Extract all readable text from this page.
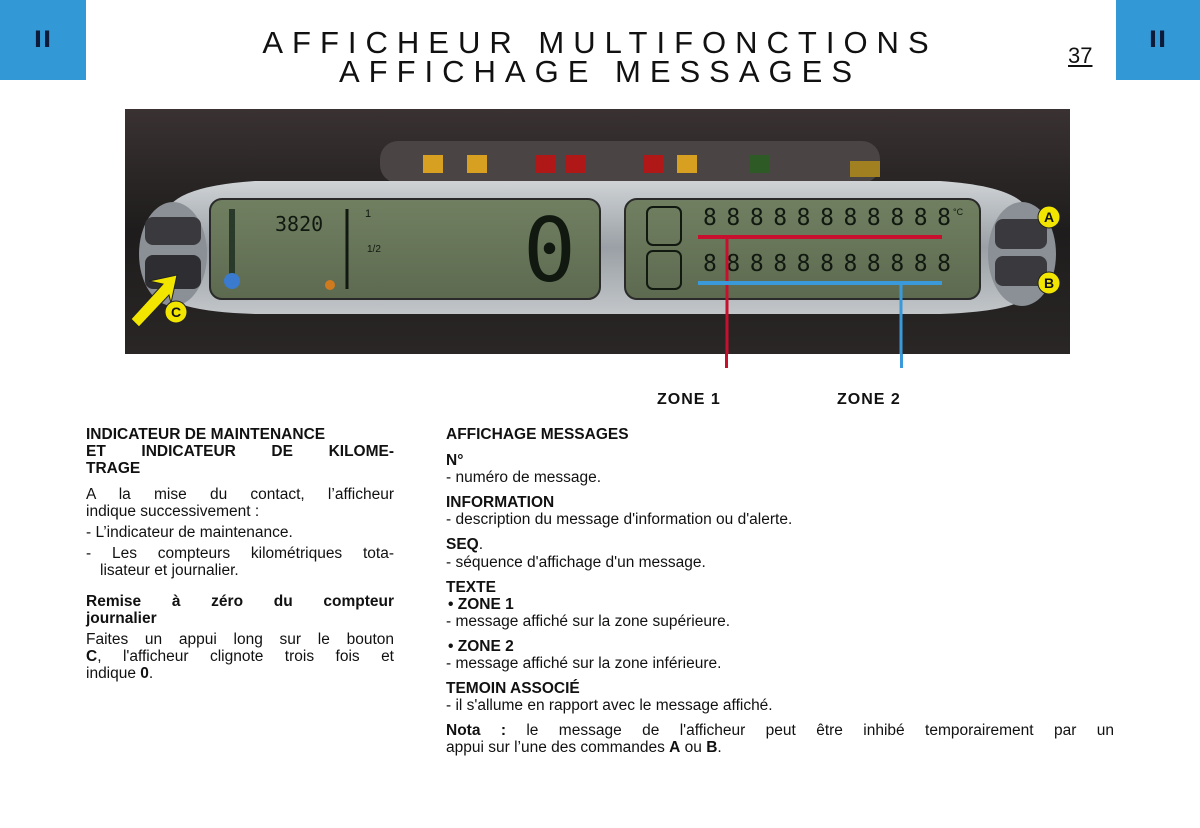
II	II
AFFICHEUR MULTIFONCTIONS
AFFICHAGE MESSAGES	37
3820	1
1/2 0	88888888888 °C
88888888888
A
B
C
ZONE 1	ZONE 2
INDICATEUR DE MAINTENANCE
ET INDICATEUR DE KILOME-
TRAGE
A la mise du contact, l’afficheur
indique successivement :
- L’indicateur de maintenance.
- Les compteurs kilométriques tota-
lisateur et journalier.
Remise à zéro du compteur
journalier
Faites un appui long sur le bouton
C, l'afficheur clignote trois fois et
indique 0.
AFFICHAGE MESSAGES
N°
- numéro de message.
INFORMATION
- description du message d'information ou d'alerte.
SEQ.
- séquence d'affichage d'un message.
TEXTE
• ZONE 1
- message affiché sur la zone supérieure.
• ZONE 2
- message affiché sur la zone inférieure.
TEMOIN ASSOCIÉ
- il s'allume en rapport avec le message affiché.
Nota : le message de l'afficheur peut être inhibé temporairement par un
appui sur l’une des commandes A ou B.
